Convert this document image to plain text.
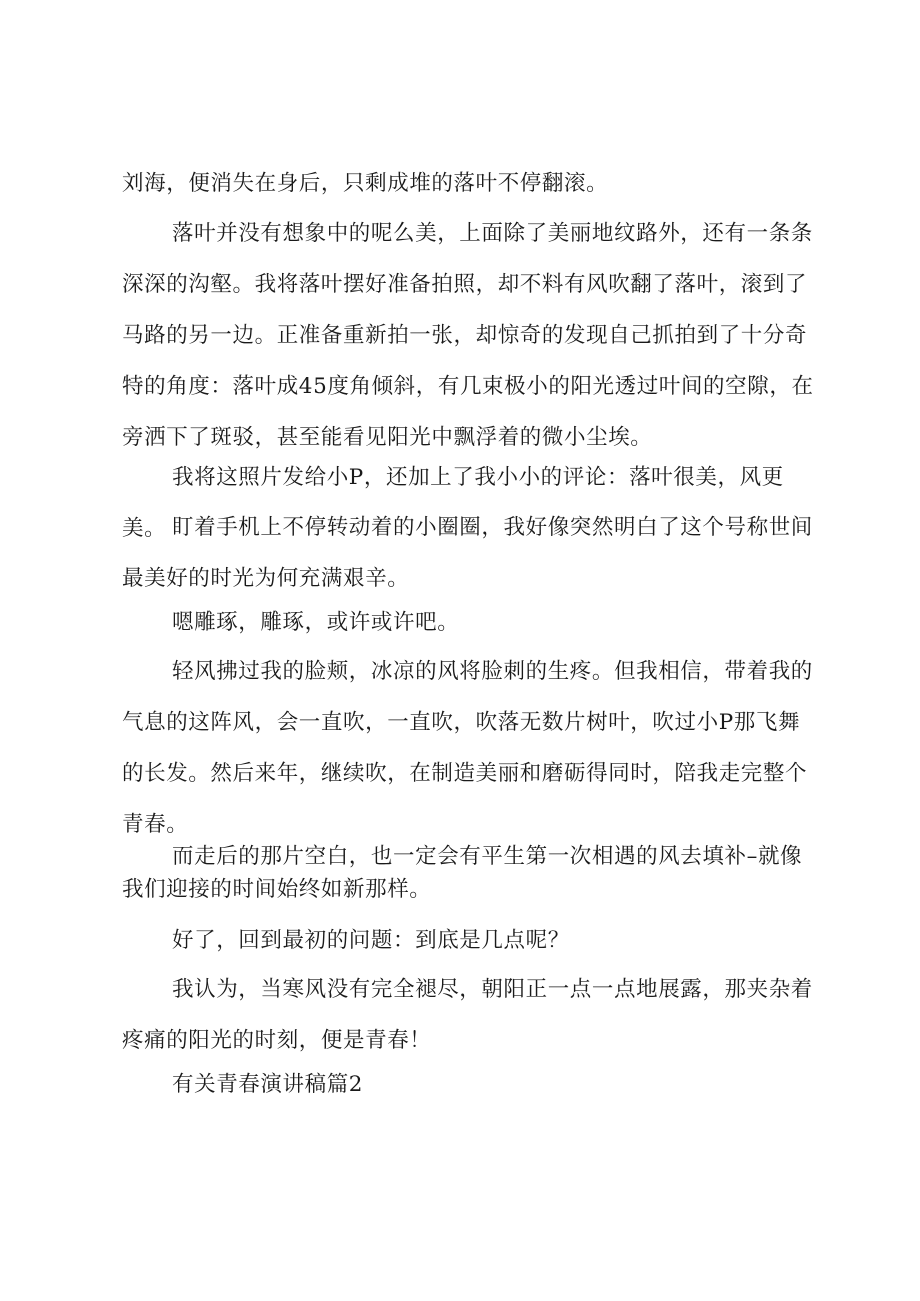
刘海，便消失在身后，只剩成堆的落叶不停翻滚。

落叶并没有想象中的呢么美，上面除了美丽地纹路外，还有一条条深深的沟壑。我将落叶摆好准备拍照，却不料有风吹翻了落叶，滚到了马路的另一边。正准备重新拍一张，却惊奇的发现自己抓拍到了十分奇特的角度：落叶成45度角倾斜，有几束极小的阳光透过叶间的空隙，在旁洒下了斑驳，甚至能看见阳光中飘浮着的微小尘埃。

我将这照片发给小P，还加上了我小小的评论：落叶很美，风更美。 盯着手机上不停转动着的小圈圈，我好像突然明白了这个号称世间最美好的时光为何充满艰辛。

嗯雕琢，雕琢，或许或许吧。

轻风拂过我的脸颊，冰凉的风将脸刺的生疼。但我相信，带着我的气息的这阵风，会一直吹，一直吹，吹落无数片树叶，吹过小P那飞舞的长发。然后来年，继续吹，在制造美丽和磨砺得同时，陪我走完整个青春。

而走后的那片空白，也一定会有平生第一次相遇的风去填补–就像我们迎接的时间始终如新那样。

好了，回到最初的问题：到底是几点呢？

我认为，当寒风没有完全褪尽，朝阳正一点一点地展露，那夹杂着疼痛的阳光的时刻，便是青春！

有关青春演讲稿篇2
